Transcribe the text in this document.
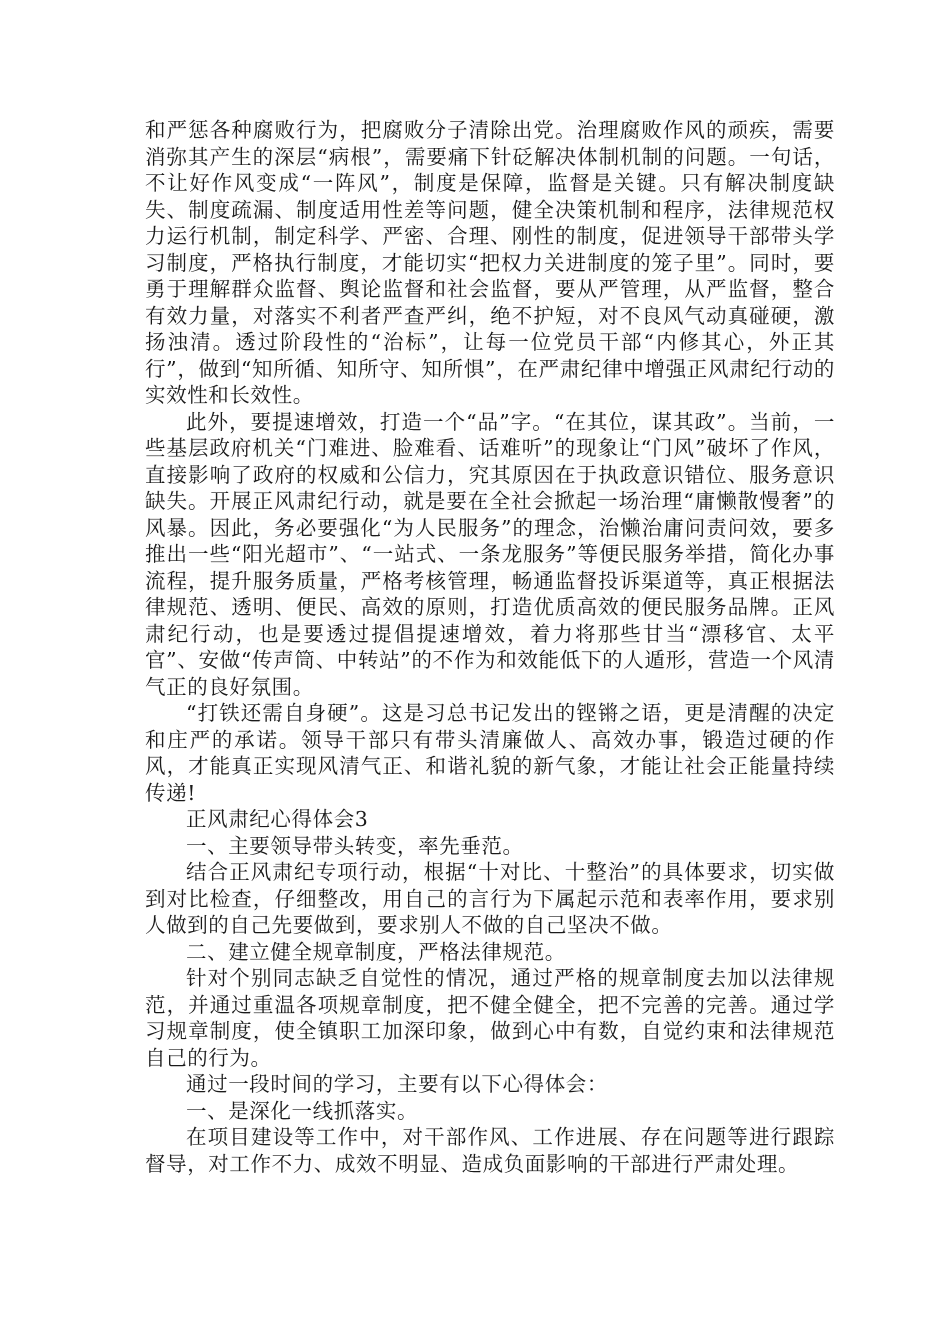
和严惩各种腐败行为，把腐败分子清除出党。治理腐败作风的顽疾，需要消弥其产生的深层“病根”，需要痛下针砭解决体制机制的问题。一句话，不让好作风变成“一阵风”，制度是保障，监督是关键。只有解决制度缺失、制度疏漏、制度适用性差等问题，健全决策机制和程序，法律规范权力运行机制，制定科学、严密、合理、刚性的制度，促进领导干部带头学习制度，严格执行制度，才能切实“把权力关进制度的笼子里”。同时，要勇于理解群众监督、舆论监督和社会监督，要从严管理，从严监督，整合有效力量，对落实不利者严查严纠，绝不护短，对不良风气动真碰硬，激扬浊清。透过阶段性的“治标”，让每一位党员干部“内修其心，外正其行”，做到“知所循、知所守、知所惧”，在严肃纪律中增强正风肃纪行动的实效性和长效性。

此外，要提速增效，打造一个“品”字。“在其位，谋其政”。当前，一些基层政府机关“门难进、脸难看、话难听”的现象让“门风”破坏了作风，直接影响了政府的权威和公信力，究其原因在于执政意识错位、服务意识缺失。开展正风肃纪行动，就是要在全社会掀起一场治理“庸懒散慢奢”的风暴。因此，务必要强化“为人民服务”的理念，治懒治庸问责问效，要多推出一些“阳光超市”、“一站式、一条龙服务”等便民服务举措，简化办事流程，提升服务质量，严格考核管理，畅通监督投诉渠道等，真正根据法律规范、透明、便民、高效的原则，打造优质高效的便民服务品牌。正风肃纪行动，也是要透过提倡提速增效，着力将那些甘当“漂移官、太平官”、安做“传声筒、中转站”的不作为和效能低下的人遁形，营造一个风清气正的良好氛围。

“打铁还需自身硬”。这是习总书记发出的铿锵之语，更是清醒的决定和庄严的承诺。领导干部只有带头清廉做人、高效办事，锻造过硬的作风，才能真正实现风清气正、和谐礼貌的新气象，才能让社会正能量持续传递!

正风肃纪心得体会3

一、主要领导带头转变，率先垂范。

结合正风肃纪专项行动，根据“十对比、十整治”的具体要求，切实做到对比检查，仔细整改，用自己的言行为下属起示范和表率作用，要求别人做到的自己先要做到，要求别人不做的自己坚决不做。

二、建立健全规章制度，严格法律规范。

针对个别同志缺乏自觉性的情况，通过严格的规章制度去加以法律规范，并通过重温各项规章制度，把不健全健全，把不完善的完善。通过学习规章制度，使全镇职工加深印象，做到心中有数，自觉约束和法律规范自己的行为。

通过一段时间的学习，主要有以下心得体会：

一、是深化一线抓落实。

在项目建设等工作中，对干部作风、工作进展、存在问题等进行跟踪督导，对工作不力、成效不明显、造成负面影响的干部进行严肃处理。
